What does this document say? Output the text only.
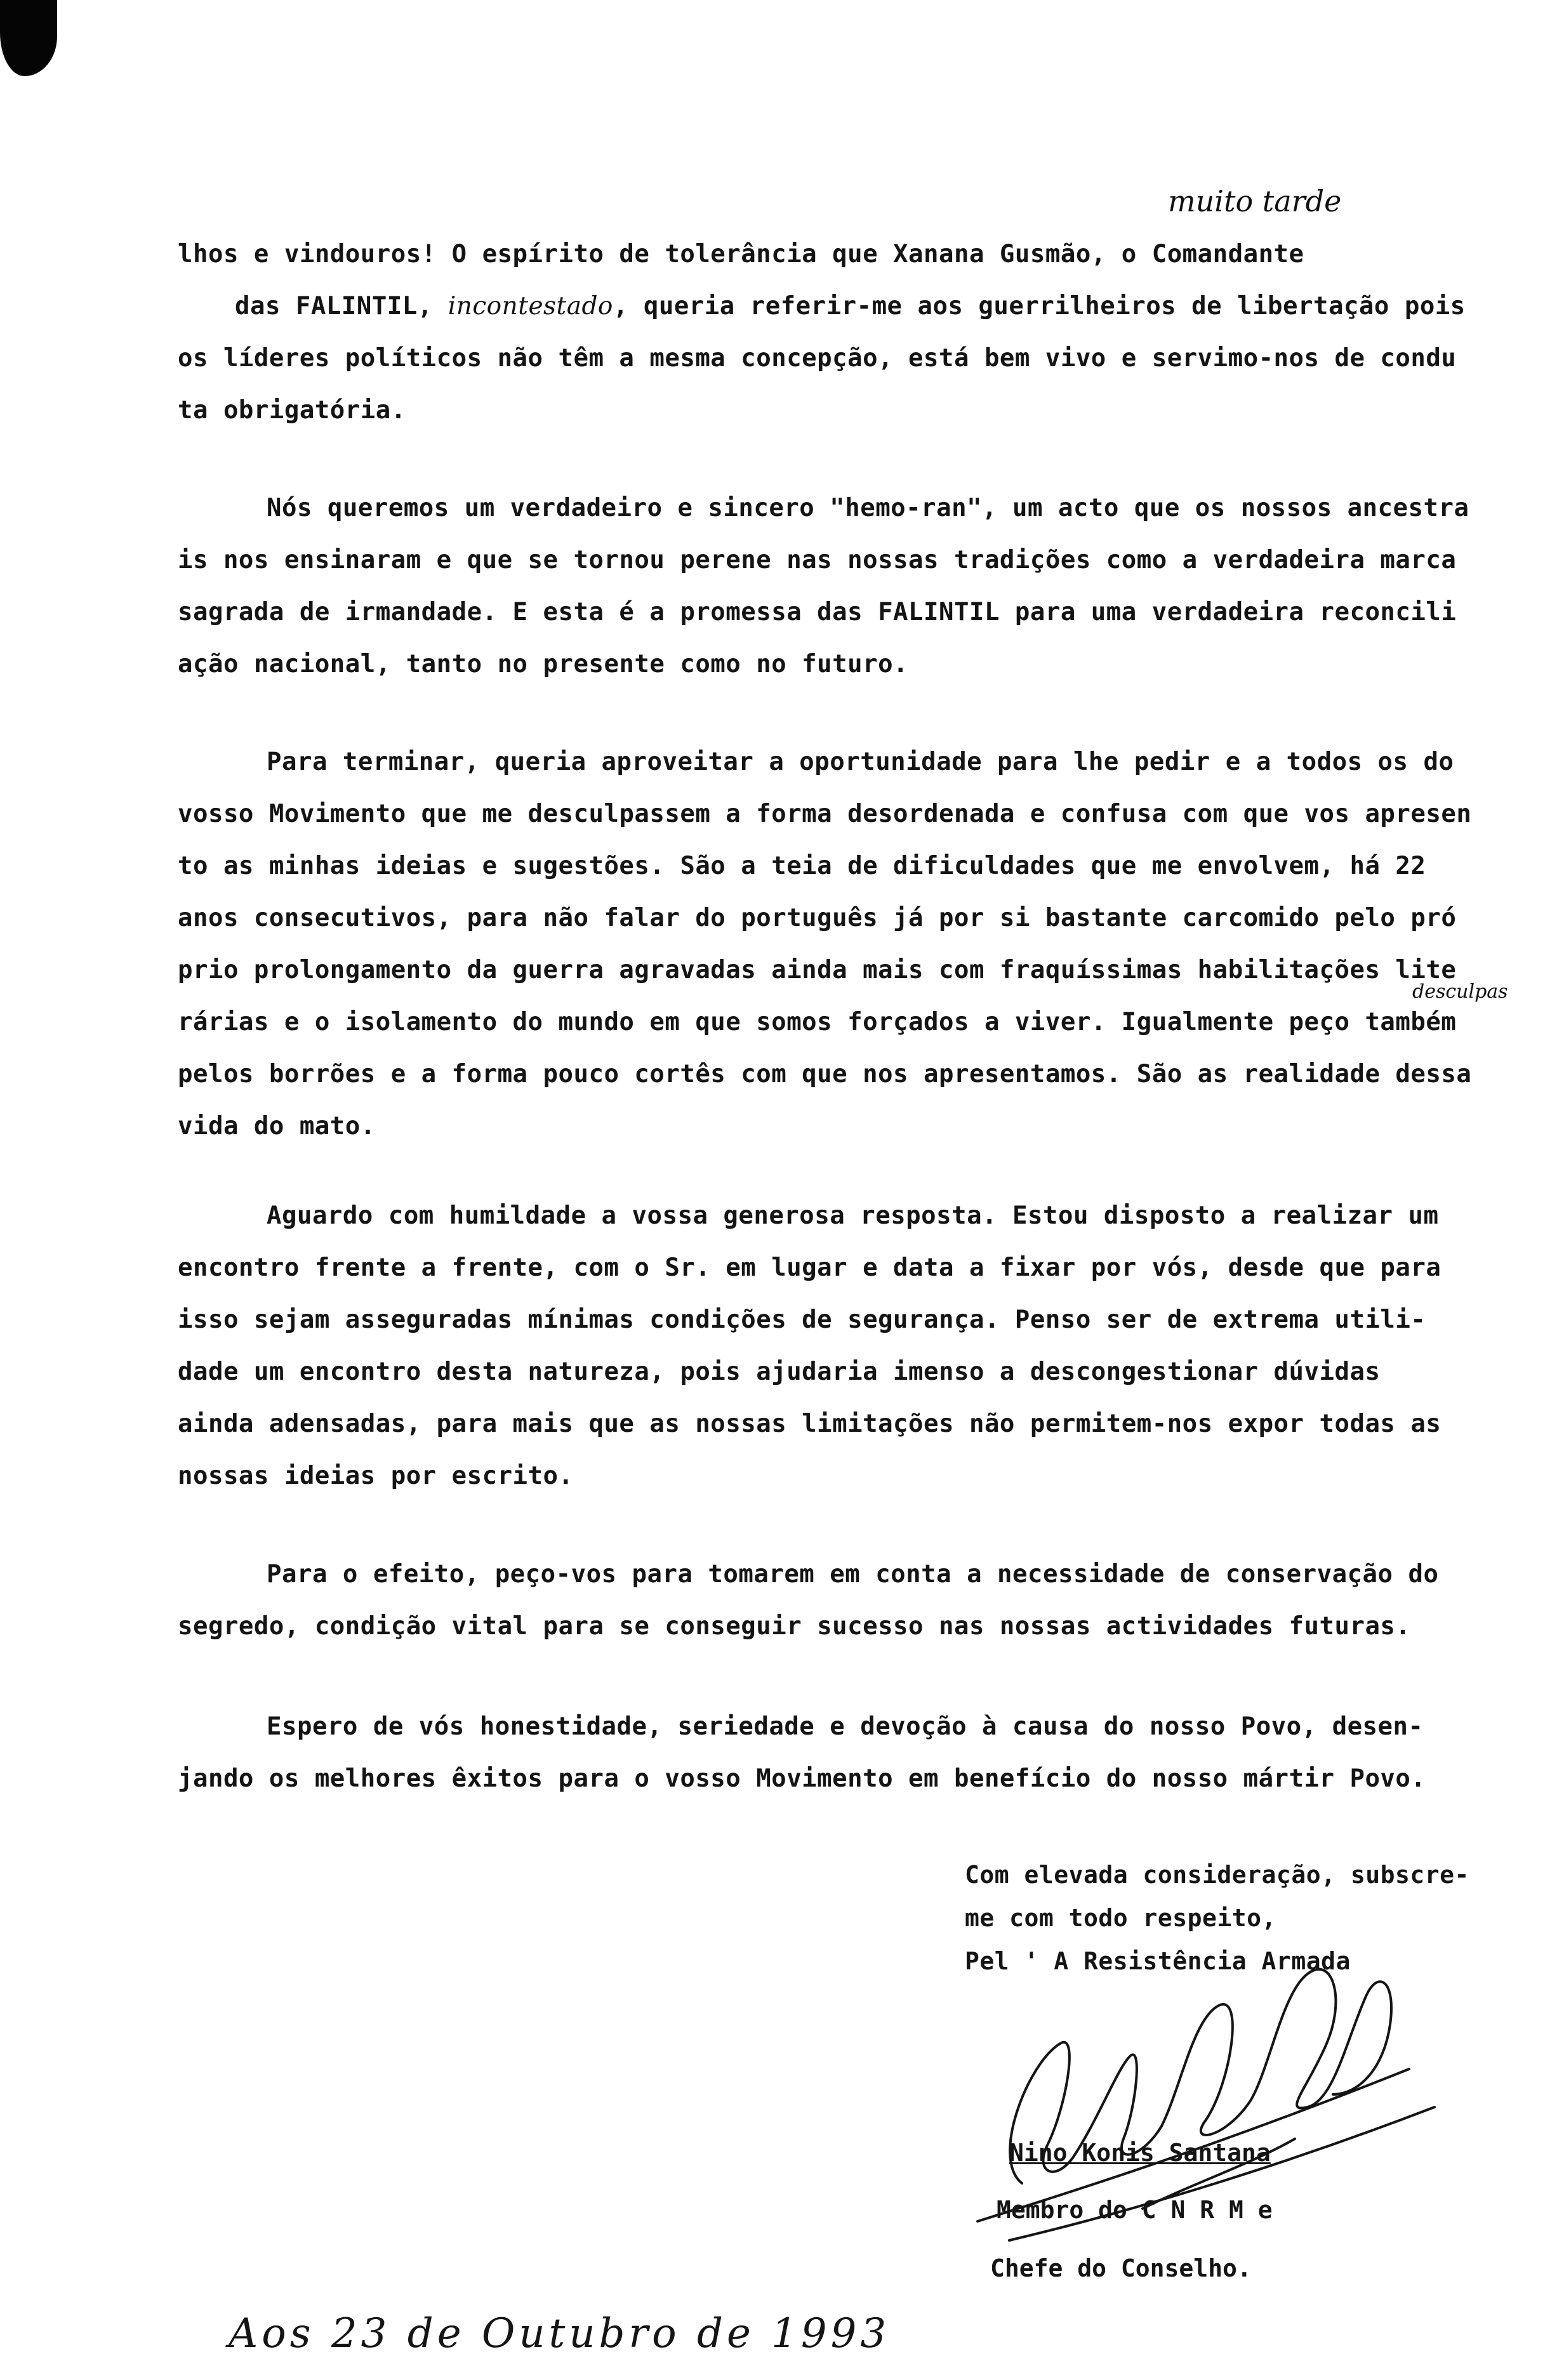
muito tarde
lhos e vindouros! O espírito de tolerância que Xanana Gusmão, o Comandante
das FALINTIL, incontestado, queria referir-me aos guerrilheiros de libertação pois
os líderes políticos não têm a mesma concepção, está bem vivo e servimo-nos de condu
ta obrigatória.
Nós queremos um verdadeiro e sincero "hemo-ran", um acto que os nossos ancestra
is nos ensinaram e que se tornou perene nas nossas tradições como a verdadeira marca
sagrada de irmandade. E esta é a promessa das FALINTIL para uma verdadeira reconcili
ação nacional, tanto no presente como no futuro.
Para terminar, queria aproveitar a oportunidade para lhe pedir e a todos os do
vosso Movimento que me desculpassem a forma desordenada e confusa com que vos apresen
to as minhas ideias e sugestões. São a teia de dificuldades que me envolvem, há 22
anos consecutivos, para não falar do português já por si bastante carcomido pelo pró
prio prolongamento da guerra agravadas ainda mais com fraquíssimas habilitações lite
rárias e o isolamento do mundo em que somos forçados a viver. Igualmente peço também
pelos borrões e a forma pouco cortês com que nos apresentamos. São as realidade dessa
vida do mato.
desculpas
Aguardo com humildade a vossa generosa resposta. Estou disposto a realizar um
encontro frente a frente, com o Sr. em lugar e data a fixar por vós, desde que para
isso sejam asseguradas mínimas condições de segurança. Penso ser de extrema utili-
dade um encontro desta natureza, pois ajudaria imenso a descongestionar dúvidas
ainda adensadas, para mais que as nossas limitações não permitem-nos expor todas as
nossas ideias por escrito.
Para o efeito, peço-vos para tomarem em conta a necessidade de conservação do
segredo, condição vital para se conseguir sucesso nas nossas actividades futuras.
Espero de vós honestidade, seriedade e devoção à causa do nosso Povo, desen-
jando os melhores êxitos para o vosso Movimento em benefício do nosso mártir Povo.
Com elevada consideração, subscre-
me com todo respeito,
Pel ' A Resistência Armada
Nino Konis Santana
Membro do C N R M e
Chefe do Conselho.
Aos 23 de Outubro de 1993
